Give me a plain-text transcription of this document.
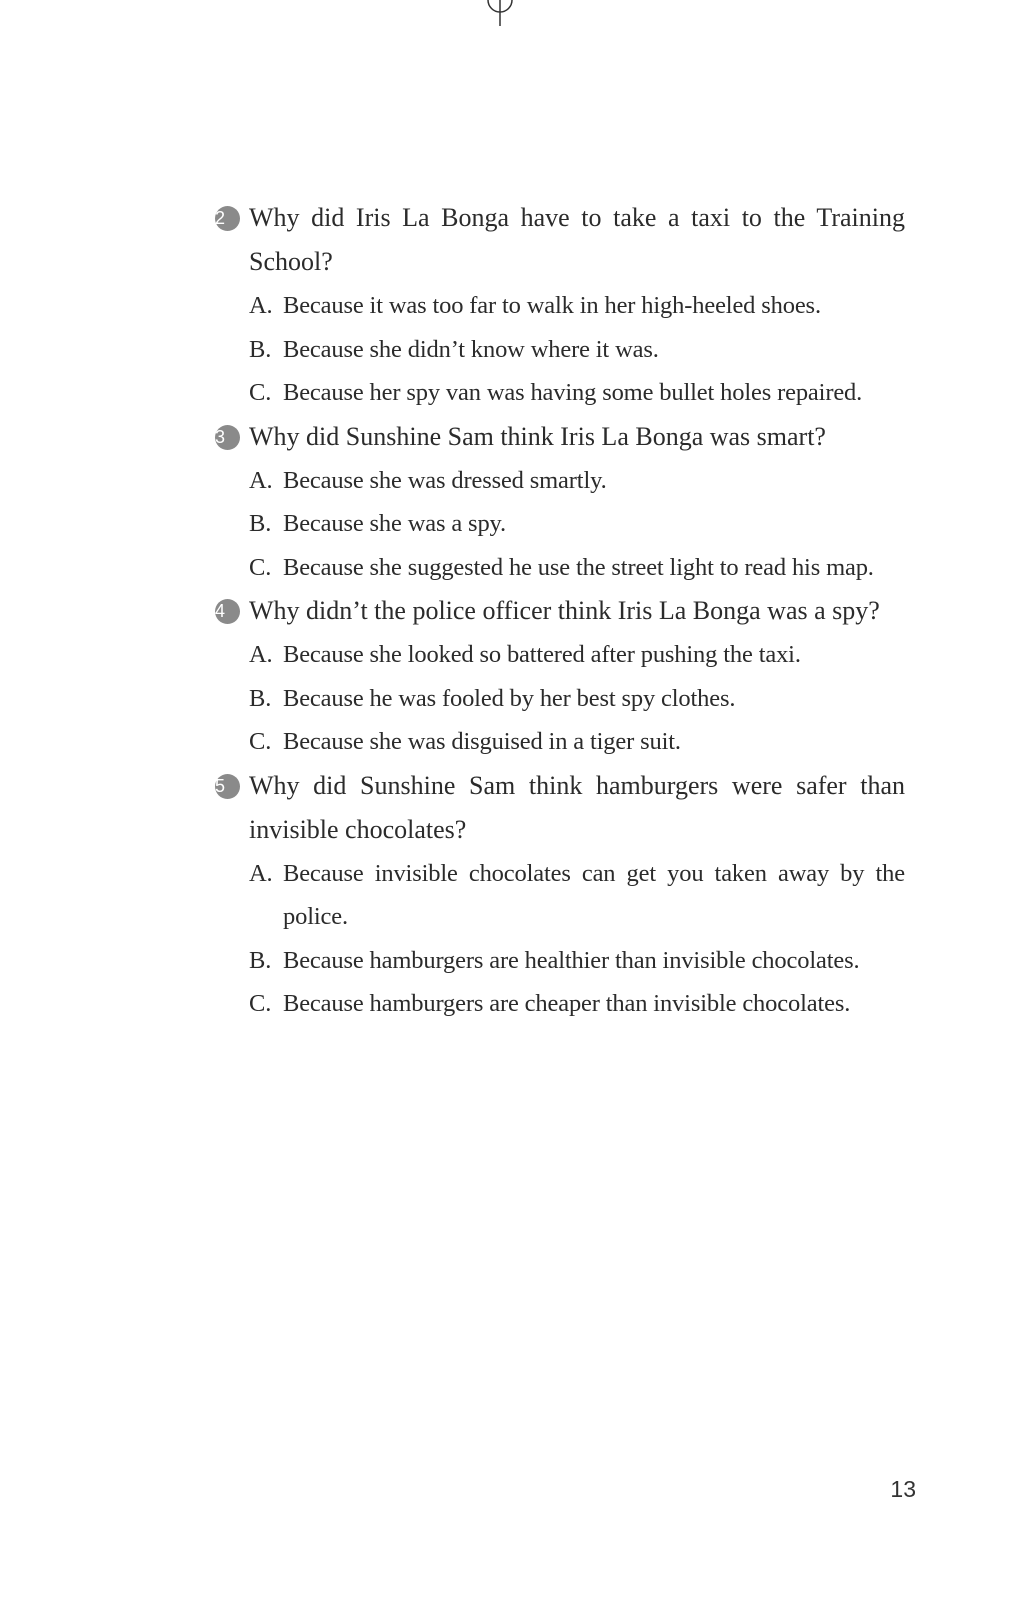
2 Why did Iris La Bonga have to take a taxi to the Training School?
A. Because it was too far to walk in her high-heeled shoes.
B. Because she didn’t know where it was.
C. Because her spy van was having some bullet holes repaired.
3 Why did Sunshine Sam think Iris La Bonga was smart?
A. Because she was dressed smartly.
B. Because she was a spy.
C. Because she suggested he use the street light to read his map.
4 Why didn’t the police officer think Iris La Bonga was a spy?
A. Because she looked so battered after pushing the taxi.
B. Because he was fooled by her best spy clothes.
C. Because she was disguised in a tiger suit.
5 Why did Sunshine Sam think hamburgers were safer than invisible chocolates?
A. Because invisible chocolates can get you taken away by the police.
B. Because hamburgers are healthier than invisible chocolates.
C. Because hamburgers are cheaper than invisible chocolates.
13
